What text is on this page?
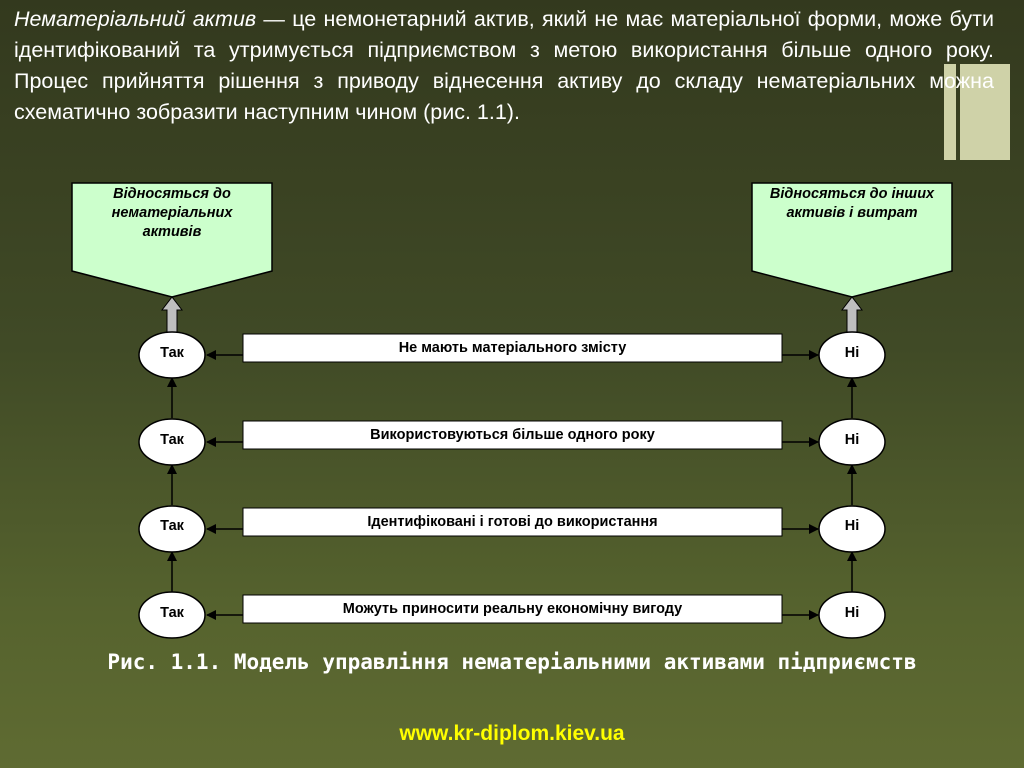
Нематеріальний актив — це немонетарний актив, який не має матеріальної форми, може бути ідентифікований та утримується підприємством з метою використання більше одного року. Процес прийняття рішення з приводу віднесення активу до складу нематеріальних можна схематично зобразити наступним чином (рис. 1.1).

Відносяться до нематеріальних активів
Відносяться до інших активів і витрат
Так	Не мають матеріального змісту	Ні
Так	Використовуються більше одного року	Ні
Так	Ідентифіковані і готові до використання	Ні
Так	Можуть приносити реальну економічну вигоду	Ні
Рис. 1.1. Модель управління нематеріальними активами підприємств
www.kr-diplom.kiev.ua
